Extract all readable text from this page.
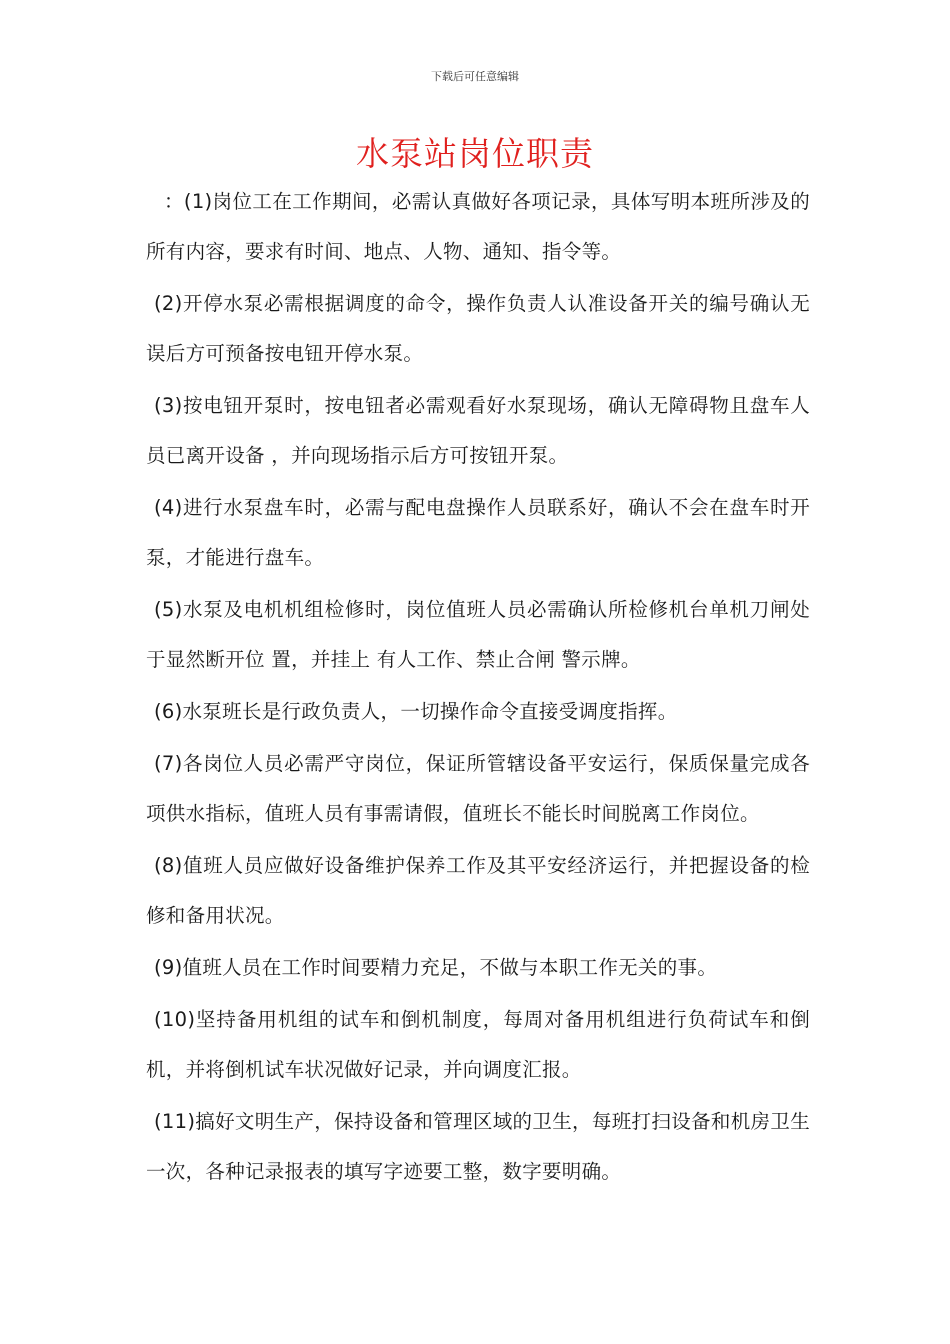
下载后可任意编辑
水泵站岗位职责

：(1)岗位工在工作期间，必需认真做好各项记录，具体写明本班所涉及的所有内容，要求有时间、地点、人物、通知、指令等。

(2)开停水泵必需根据调度的命令，操作负责人认准设备开关的编号确认无误后方可预备按电钮开停水泵。

(3)按电钮开泵时，按电钮者必需观看好水泵现场，确认无障碍物且盘车人员已离开设备 ，并向现场指示后方可按钮开泵。

(4)进行水泵盘车时，必需与配电盘操作人员联系好，确认不会在盘车时开泵，才能进行盘车。

(5)水泵及电机机组检修时，岗位值班人员必需确认所检修机台单机刀闸处于显然断开位 置，并挂上 有人工作、禁止合闸 警示牌。

(6)水泵班长是行政负责人，一切操作命令直接受调度指挥。

(7)各岗位人员必需严守岗位，保证所管辖设备平安运行，保质保量完成各项供水指标，值班人员有事需请假，值班长不能长时间脱离工作岗位。

(8)值班人员应做好设备维护保养工作及其平安经济运行，并把握设备的检修和备用状况。

(9)值班人员在工作时间要精力充足，不做与本职工作无关的事。

(10)坚持备用机组的试车和倒机制度，每周对备用机组进行负荷试车和倒机，并将倒机试车状况做好记录，并向调度汇报。

(11)搞好文明生产，保持设备和管理区域的卫生，每班打扫设备和机房卫生一次，各种记录报表的填写字迹要工整，数字要明确。
